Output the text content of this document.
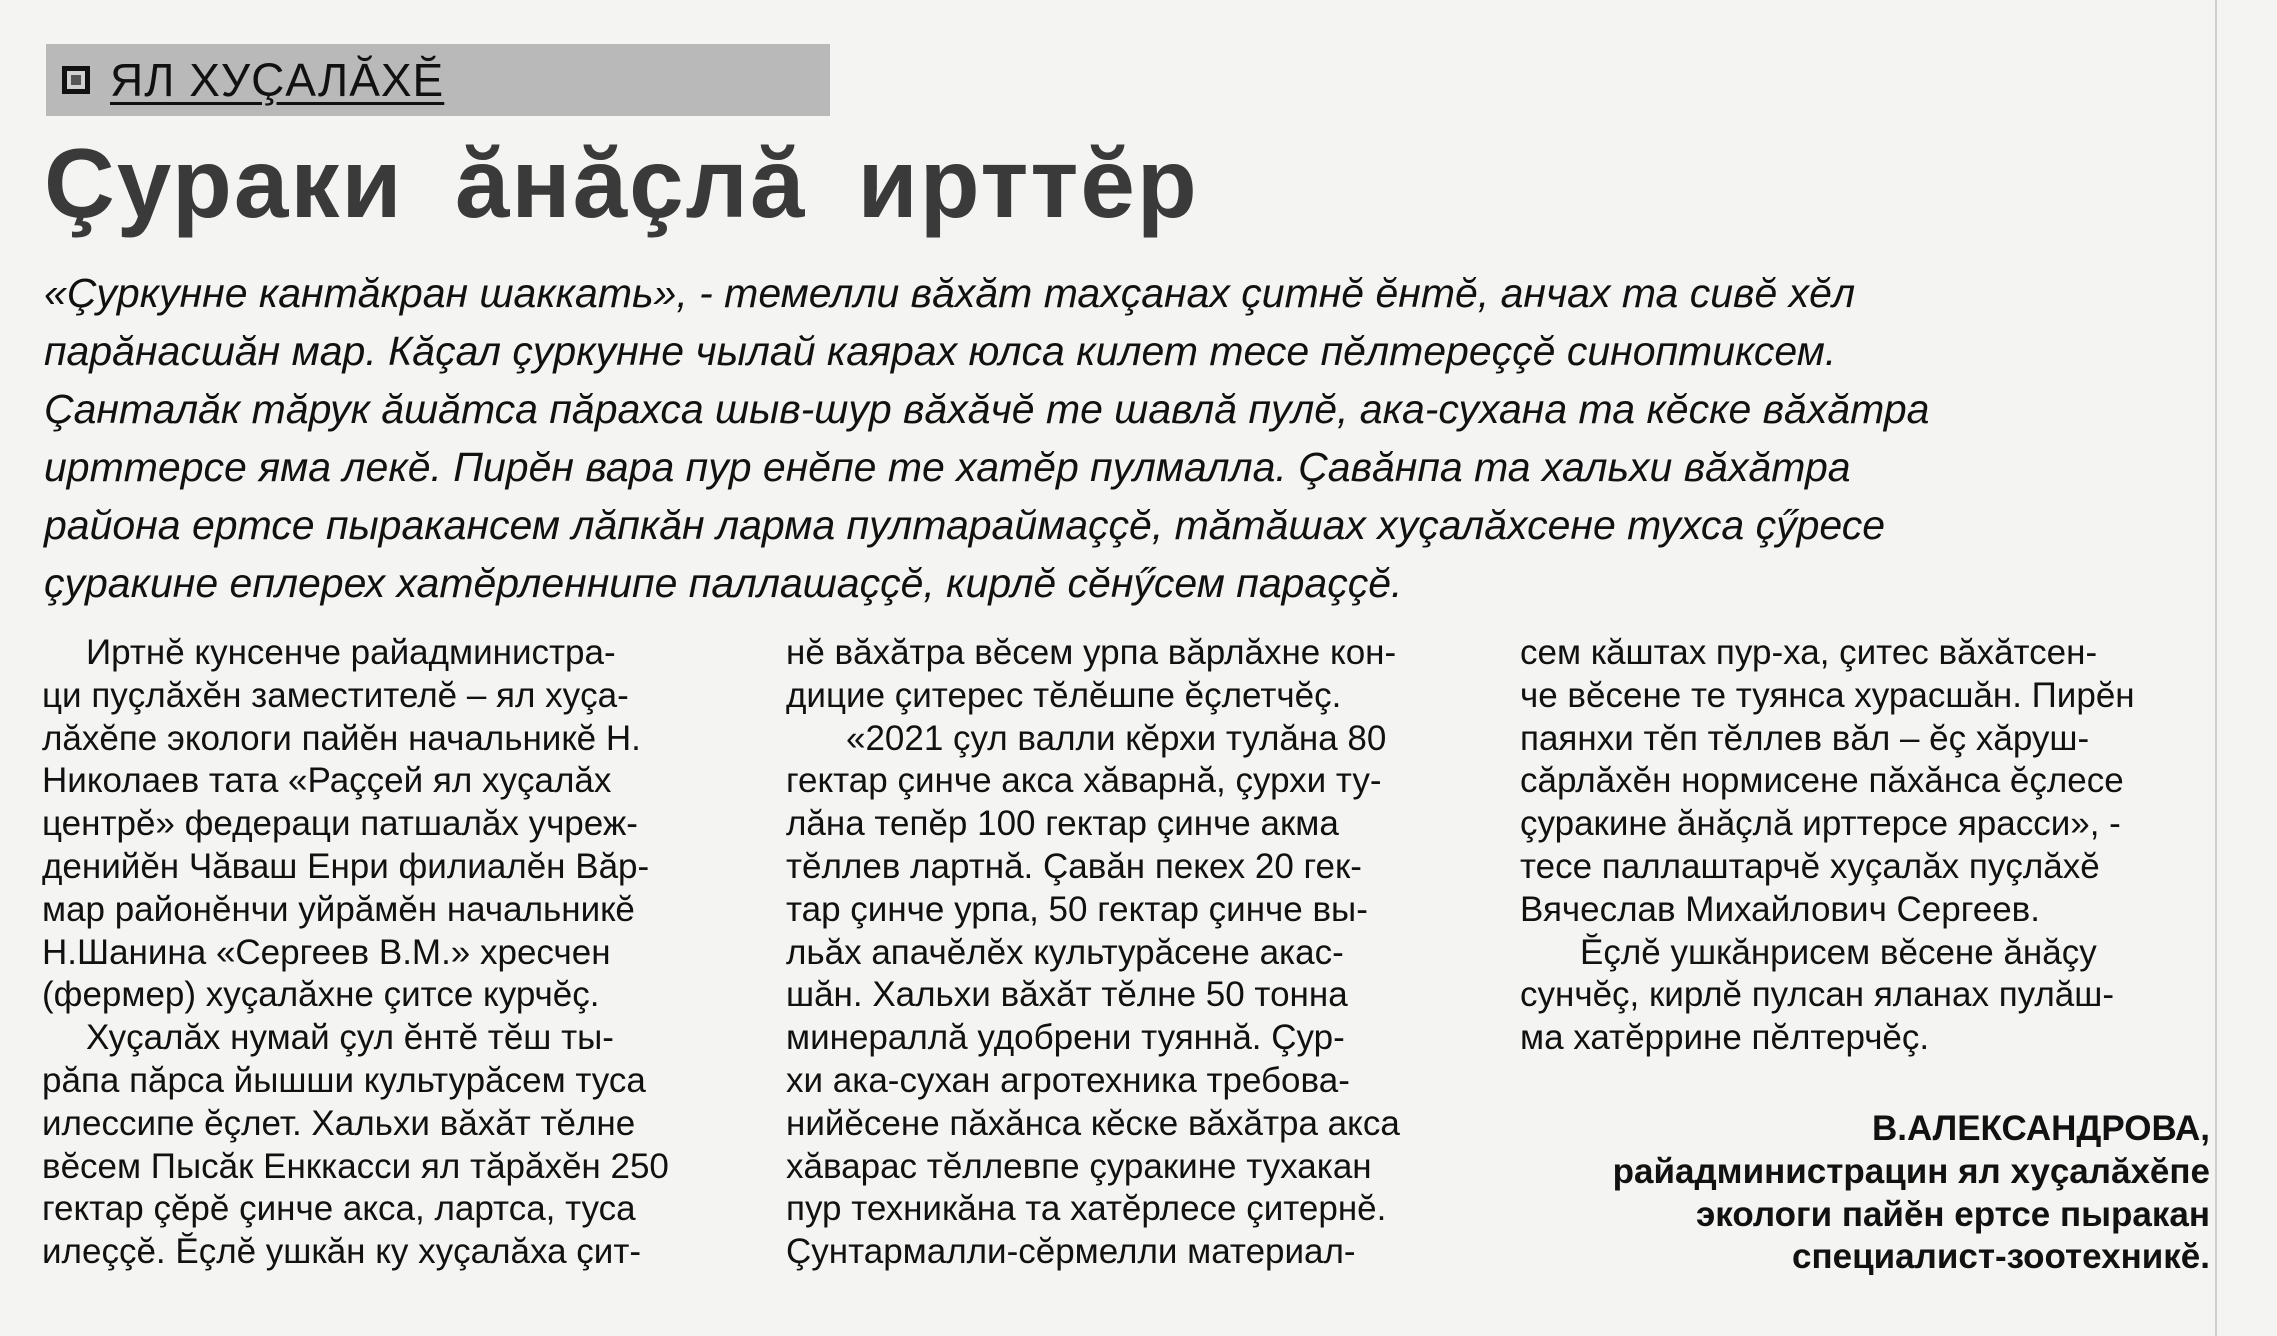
ЯЛ ХУÇАЛĂХĔ
Çураки ăнăçлă ирттĕр

«Çуркунне кантăкран шаккать», - темелли вăхăт тахçанах çитнĕ ĕнтĕ, анчах та сивĕ хĕл

парăнасшăн мар. Кăçал çуркунне чылай каярах юлса килет тесе пĕлтереççĕ синоптиксем.

Çанталăк тăрук ăшăтса пăрахса шыв-шур вăхăчĕ те шавлă пулĕ, ака-сухана та кĕске вăхăтра

ирттерсе яма лекĕ. Пирĕн вара пур енĕпе те хатĕр пулмалла. Çавăнпа та хальхи вăхăтра

района ертсе пыракансем лăпкăн ларма пултараймаççĕ, тăтăшах хуçалăхсене тухса çӳресе

çуракине еплерех хатĕрленнипе паллашаççĕ, кирлĕ сĕнӳсем параççĕ.

Иртнĕ кунсенче райадминистра-

ци пуçлăхĕн заместителĕ – ял хуçа-

лăхĕпе экологи пайĕн начальникĕ Н.

Николаев тата «Раççей ял хуçалăх

центрĕ» федераци патшалăх учреж-

денийĕн Чăваш Енри филиалĕн Вăр-

мар районĕнчи уйрăмĕн начальникĕ

Н.Шанина «Сергеев В.М.» хресчен

(фермер) хуçалăхне çитсе курчĕç.

Хуçалăх нумай çул ĕнтĕ тĕш ты-

рăпа пăрса йышши культурăсем туса

илессипе ĕçлет. Хальхи вăхăт тĕлне

вĕсем Пысăк Енккасси ял тăрăхĕн 250

гектар çĕрĕ çинче акса, лартса, туса

илеççĕ. Ĕçлĕ ушкăн ку хуçалăха çит-

нĕ вăхăтра вĕсем урпа вăрлăхне кон-

дицие çитерес тĕлĕшпе ĕçлетчĕç.

«2021 çул валли кĕрхи тулăна 80

гектар çинче акса хăварнă, çурхи ту-

лăна тепĕр 100 гектар çинче акма

тĕллев лартнă. Çавăн пекех 20 гек-

тар çинче урпа, 50 гектар çинче вы-

льăх апачĕлĕх культурăсене акас-

шăн. Хальхи вăхăт тĕлне 50 тонна

минераллă удобрени туяннă. Çур-

хи ака-сухан агротехника требова-

нийĕсене пăхăнса кĕске вăхăтра акса

хăварас тĕллевпе çуракине тухакан

пур техникăна та хатĕрлесе çитернĕ.

Çунтармалли-сĕрмелли материал-

сем кăштах пур-ха, çитес вăхăтсен-

че вĕсене те туянса хурасшăн. Пирĕн

паянхи тĕп тĕллев вăл – ĕç хăруш-

сăрлăхĕн нормисене пăхăнса ĕçлесе

çуракине ăнăçлă ирттерсе ярасси», -

тесе паллаштарчĕ хуçалăх пуçлăхĕ

Вячеслав Михайлович Сергеев.

Ĕçлĕ ушкăнрисем вĕсене ăнăçу

сунчĕç, кирлĕ пулсан яланах пулăш-

ма хатĕррине пĕлтерчĕç.

В.АЛЕКСАНДРОВА,

райадминистрацин ял хуçалăхĕпе

экологи пайĕн ертсе пыракан

специалист-зоотехникĕ.
